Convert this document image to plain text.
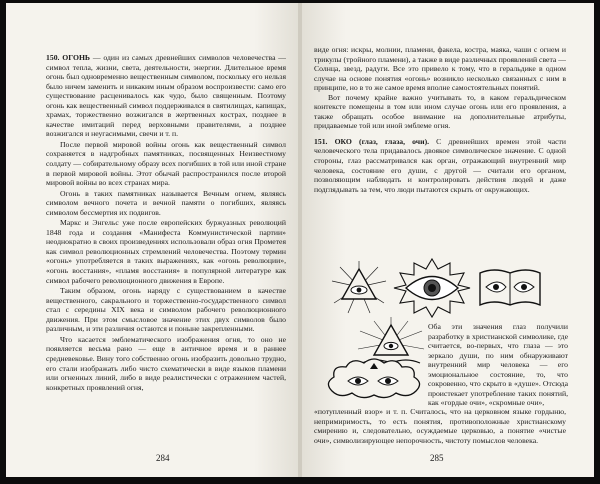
150. ОГОНЬ — один из самых древнейших символов человечества — символ тепла, жизни, света, деятельности, энергии. Длительное время огонь был одновременно вещественным символом, поскольку его нельзя было ничем заменить и никаким иным образом воспроизвести: само его существование расценивалось как чудо, было священным. Поэтому огонь как вещественный символ поддерживался в святилищах, капищах, храмах, торжественно возжигался в жертвенных кострах, позднее в качестве имитаций перед верховными правителями, а позднее возжигался и неугасимыми, свечи и т. п.

После первой мировой войны огонь как вещественный символ сохраняется в надгробных памятниках, посвященных Неизвестному солдату — собирательному образу всех погибших в той или иной стране в первой мировой войны. Этот обычай распространился после второй мировой войны во всех странах мира.

Огонь в таких памятниках называется Вечным огнем, являясь символом вечного почета и вечной памяти о погибших, являясь символом бессмертия их подвигов.

Маркс и Энгельс уже после европейских буржуазных революций 1848 года и создания «Манифеста Коммунистической партии» неоднократно в своих произведениях использовали образ огня Прометея как символ революционных стремлений человечества. Поэтому термин «огонь» употребляется в таких выражениях, как «огонь революции», «огонь восстания», «пламя восстания» в популярной литературе как символ рабочего революционного движения в Европе.

Таким образом, огонь наряду с существованием в качестве вещественного, сакрального и торжественно-государственного символ стал с середины XIX века и символом рабочего революционного движения. При этом смысловое значение этих двух символов было различным, и эти различия остаются и поныне закрепленными.

Что касается эмблематического изображения огня, то оно не появляется весьма рано — еще в античное время и в раннее средневековье. Вину того собственно огонь изобразить довольно трудно, его стали изображать либо чисто схематически в виде языков пламени или огненных линий, либо в виде реалистически с отражением частей, конкретных проявлений огня,

284

виде огня: искры, молнии, пламени, факела, костра, маяка, чаши с огнем и трикулы (тройного пламени), а также в виде различных проявлений света — Солнца, звезд, радуги. Все это привело к тому, что в геральдике в одном случае на основе понятия «огонь» возникло несколько связанных с ним в принципе, но в то же самое время вполне самостоятельных понятий.

Вот почему крайне важно учитывать то, в каком геральдическом контексте помещены в том или ином случае огонь или его проявления, а также обращать особое внимание на дополнительные атрибуты, придаваемые той или иной эмблеме огня.

151. ОКО (глаз, глаза, очи). С древнейших времен этой части человеческого тела придавалось двоякое символическое значение. С одной стороны, глаз рассматривался как орган, отражающий внутренний мир человека, состояние его души, с другой — считали его органом, позволяющим наблюдать и контролировать действия людей и даже подглядывать за тем, что люди пытаются скрыть от окружающих.

Оба эти значения глаз получили разработку в христианской символике, где считается, во-первых, что глаза — это зеркало души, по ним обнаруживают внутренний мир человека — его эмоциональное состояние, то, что сокровенно, что скрыто в «душе». Отсюда проистекает употребление таких понятий, как «гордые очи», «скромные очи»,

«потупленный взор» и т. п. Считалось, что на церковном языке гордыню, непримиримость, то есть понятия, противоположные христианскому смирению и, следовательно, осуждаемые церковью, а понятие «чистые очи», символизирующее непорочность, чистоту помыслов человека.

285
